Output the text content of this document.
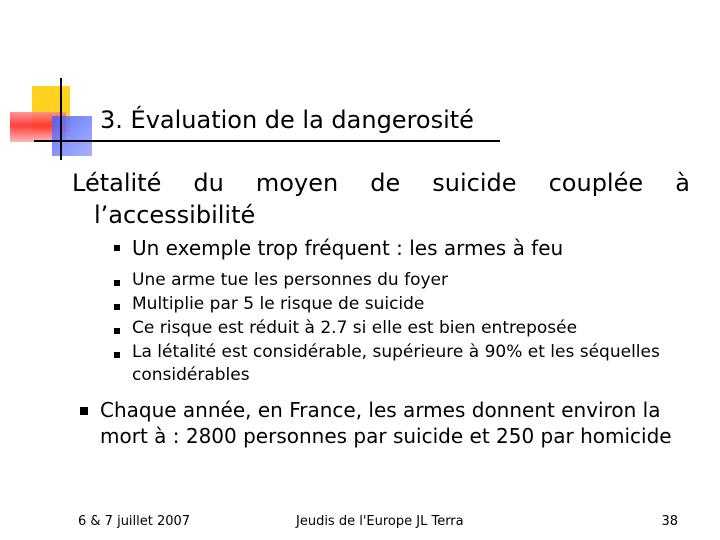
3. Évaluation de la dangerosité
Létalité du moyen de suicide couplée à
l’accessibilité
Un exemple trop fréquent : les armes à feu
Une arme tue les personnes du foyer
Multiplie par 5 le risque de suicide
Ce risque est réduit à 2.7 si elle est bien entreposée
La létalité est considérable, supérieure à 90% et les séquelles
considérables
Chaque année, en France, les armes donnent environ la mort à : 2800 personnes par suicide et 250 par homicide
6 & 7 juillet 2007	Jeudis de l'Europe JL Terra	38
